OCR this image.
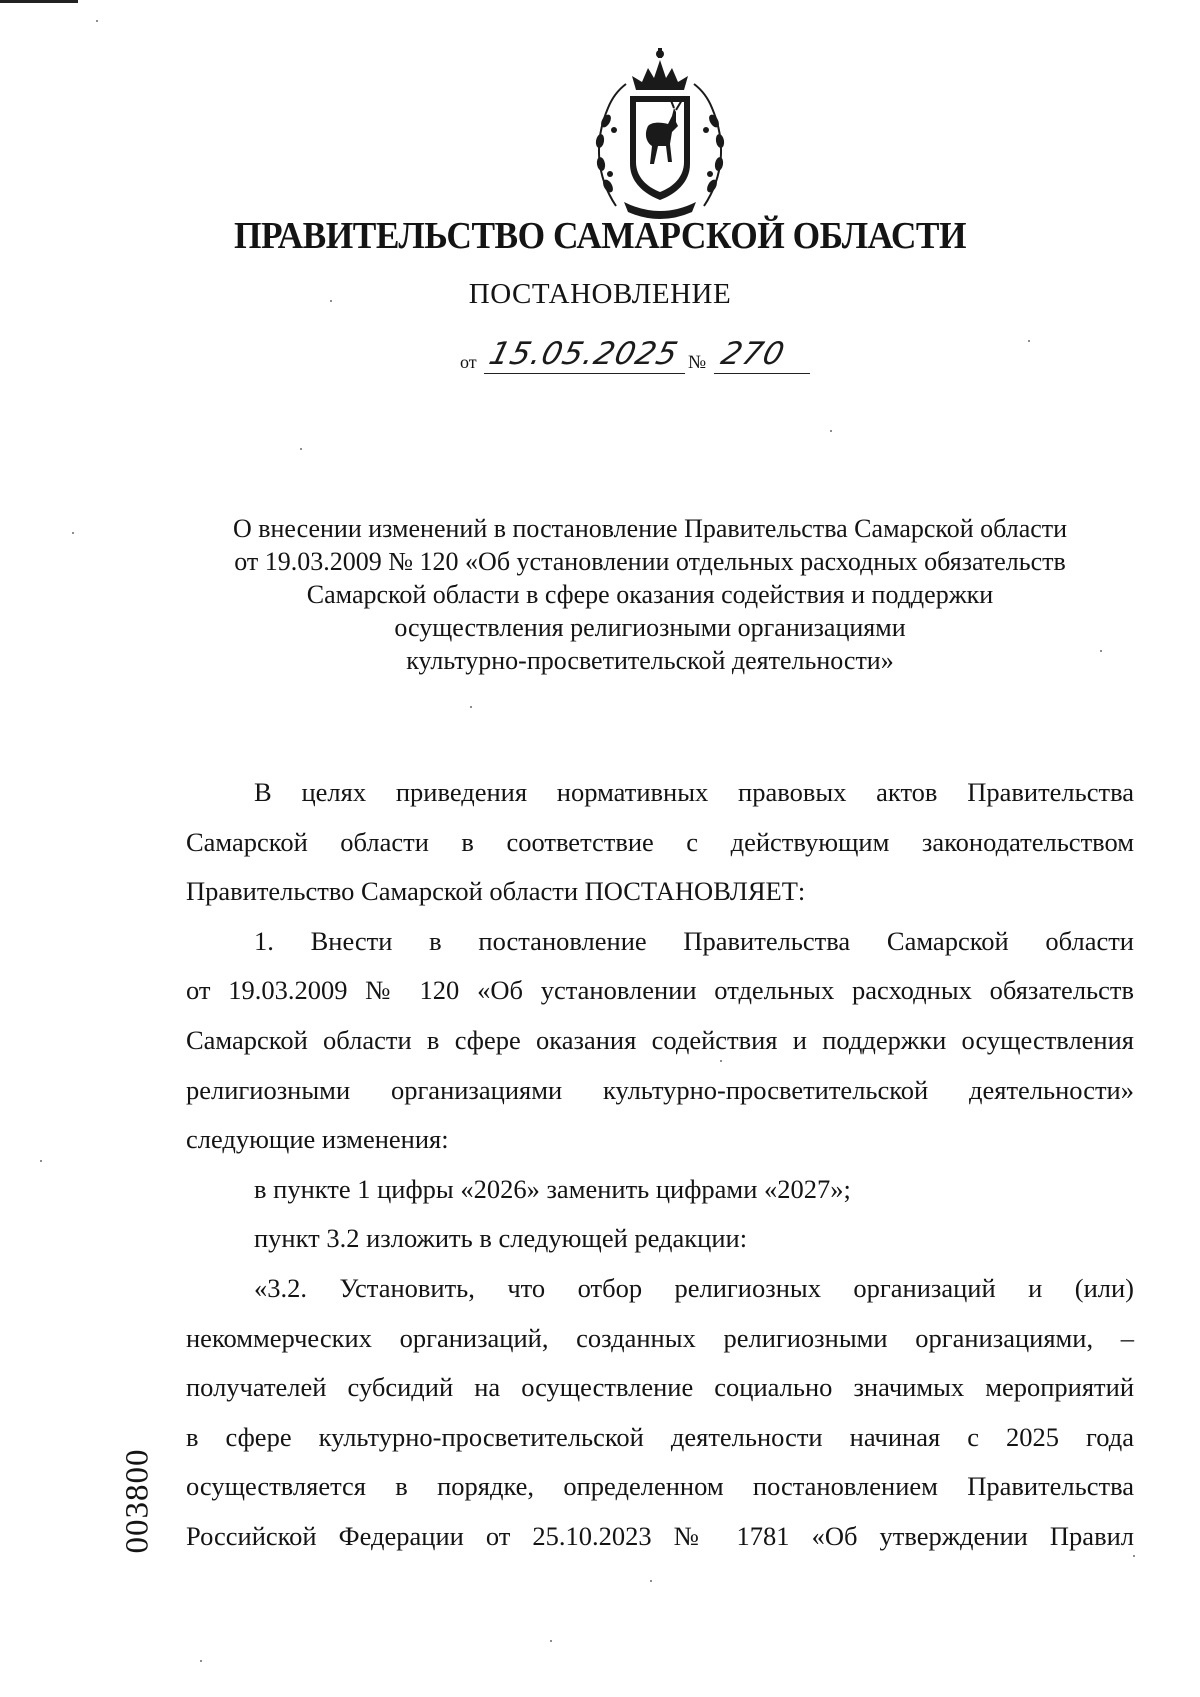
ПРАВИТЕЛЬСТВО САМАРСКОЙ ОБЛАСТИ
ПОСТАНОВЛЕНИЕ
от 15.05.2025 № 270
О внесении изменений в постановление Правительства Самарской области
от 19.03.2009 № 120 «Об установлении отдельных расходных обязательств
Самарской области в сфере оказания содействия и поддержки
осуществления религиозными организациями
культурно-просветительской деятельности»
В целях приведения нормативных правовых актов Правительства
Самарской области в соответствие с действующим законодательством
Правительство Самарской области ПОСТАНОВЛЯЕТ:
1. Внести в постановление Правительства Самарской области
от 19.03.2009 № 120 «Об установлении отдельных расходных обязательств
Самарской области в сфере оказания содействия и поддержки осуществления
религиозными организациями культурно-просветительской деятельности»
следующие изменения:
в пункте 1 цифры «2026» заменить цифрами «2027»;
пункт 3.2 изложить в следующей редакции:
«3.2. Установить, что отбор религиозных организаций и (или)
некоммерческих организаций, созданных религиозными организациями, –
получателей субсидий на осуществление социально значимых мероприятий
в сфере культурно-просветительской деятельности начиная с 2025 года
осуществляется в порядке, определенном постановлением Правительства
Российской Федерации от 25.10.2023 № 1781 «Об утверждении Правил
003800
